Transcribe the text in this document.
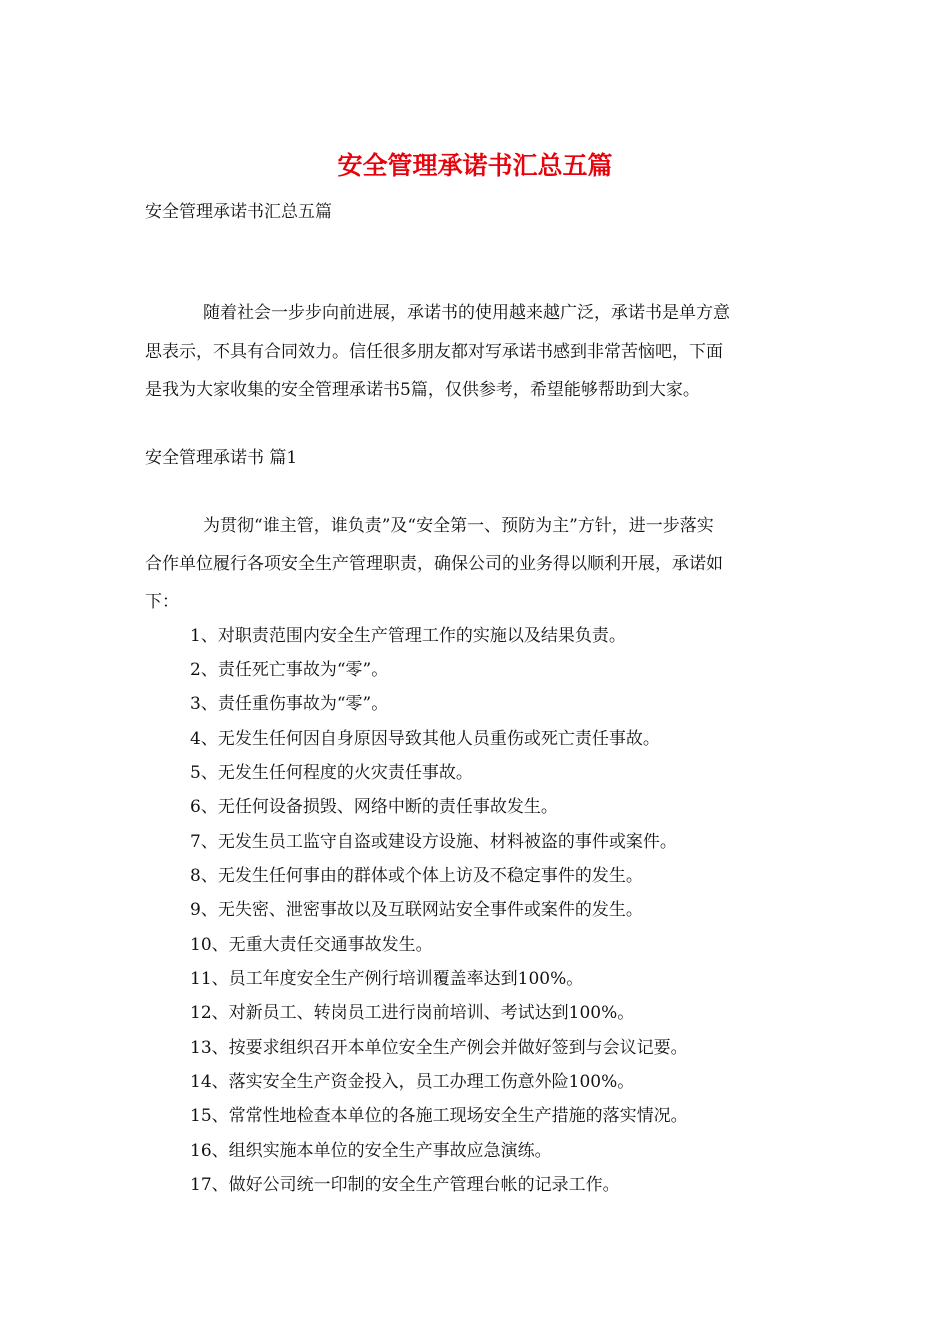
安全管理承诺书汇总五篇

安全管理承诺书汇总五篇

随着社会一步步向前进展，承诺书的使用越来越广泛，承诺书是单方意

思表示，不具有合同效力。信任很多朋友都对写承诺书感到非常苦恼吧，下面

是我为大家收集的安全管理承诺书5篇，仅供参考，希望能够帮助到大家。

安全管理承诺书 篇1

为贯彻“谁主管，谁负责”及“安全第一、预防为主”方针，进一步落实

合作单位履行各项安全生产管理职责，确保公司的业务得以顺利开展，承诺如

下：

1、对职责范围内安全生产管理工作的实施以及结果负责。

2、责任死亡事故为“零”。

3、责任重伤事故为“零”。

4、无发生任何因自身原因导致其他人员重伤或死亡责任事故。

5、无发生任何程度的火灾责任事故。

6、无任何设备损毁、网络中断的责任事故发生。

7、无发生员工监守自盗或建设方设施、材料被盗的事件或案件。

8、无发生任何事由的群体或个体上访及不稳定事件的发生。

9、无失密、泄密事故以及互联网站安全事件或案件的发生。

10、无重大责任交通事故发生。

11、员工年度安全生产例行培训覆盖率达到100%。

12、对新员工、转岗员工进行岗前培训、考试达到100%。

13、按要求组织召开本单位安全生产例会并做好签到与会议记要。

14、落实安全生产资金投入，员工办理工伤意外险100%。

15、常常性地检查本单位的各施工现场安全生产措施的落实情况。

16、组织实施本单位的安全生产事故应急演练。

17、做好公司统一印制的安全生产管理台帐的记录工作。
